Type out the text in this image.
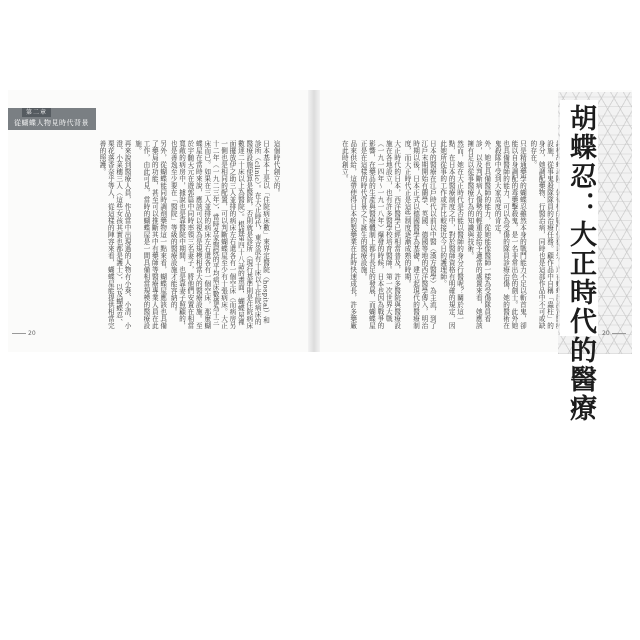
第二章
從蝴蝶人物見時代背景

這個時代創立的。

日本基本上是以「住院病床數」來界定醫院（hospital）和診所（clinic）。在大正時代，東京設有十床以上住院病床的醫療設施便算是醫院，否則就是診所（現行基準則是住院病床數達二十床以上為醫院）。根據第四十八話的畫面，蝴蝶屋裡面擺放伊之助三人並排的病床左右還各有一個空床（而病房另一側也是相同的配置，可以判斷蝴蝶屋至少有十張病床。大正十二年（一九二三年），當時各家醫院的平均病床數僅為十三床而已。如果在三人並排的病床左右還各有一個空床，那麼蝴蝶屋在當時來說，應該可以視為是規模相當大的醫療設施。至於宇髄天元在遊郭篇中同時率領三名妻子，將他們安置在相當寬敞的病房中，據說也是靠醫院中期間，也是靠妻子照顧的，也是善逸至少要在「醫院」等級的醫療設施才能容納的。

另外，從蝴蝶能同時調劑藥物這一點來看，蝴蝶屋應該也具備了藥局的功能，甚至可以推斷其中有藥師等醫療專業人員在此工作，由此可見，當時的蝴蝶屋是一間具備相當規模的醫療設施。

再來說到醫療人員，作品當中出現過的人物有小葵、小清、小澄、小菜穗三人（這些女孩其實也都是護士），以及蝴蝶忍、栗花落香奈乎等人，從這樣的陣容來看，蝴蝶屋能提供相當完善的照護。	設施，從事鬼殺隊隊員的治療任務。顧作品中自稱「蟲柱」的身分，她調配藥物、行醫治病，同時也是這部作品中不可或缺的存在。

只是精通藥學的蝴蝶忍雖然本身的戰鬥能力不足以斬首鬼，卻能以自身調配的毒藥擊殺鬼，是一名非常出色的劍士。此外她也具備醫師的能力，可以為受傷的隊員診療治傷，她的醫術在鬼殺隊中受到大家高度的肯定。

外，她也具備醫師的能力，從她能像醫師一樣為受傷隊員看診，以及判斷病人傷勢的輕重並給予適當的處置來看，她應該擁有足以從事醫療行為的知識與技術。

然而，她在大正時代是否能以醫師的身分行醫呢？關於這一點，在日本的醫療制度之中，對於醫師資格有明確的規定，因此她所從事的工作或許比較接近今日的護理師。

日本的醫療在江戶時代以前以中醫（漢方醫學）為主流，到了江戶末期開始有蘭學、英國、德國等地的西洋醫學傳入，明治時期以後，日本正式以德國醫學為基礎，建立起現代的醫療制度，而大正時代正是這些制度逐漸成熟的時期。

大正時代的日本，西洋醫學已經相當普及，許多醫院與醫療設施在各地設立，也有許多醫學校培育醫師。第一次世界大戰（一九一四年～一九一八年）爆發的時候，日本也因為戰爭的影響，在藥品的生產與醫療體制上都有長足的發展，而蝴蝶屋正是在這樣的時代背景之下誕生的醫療設施。

品來供給，這帶使得日本的製藥業在此時快速成長，許多藥廠在此時創立。	胡蝶忍：大正時代的醫療
20	20
